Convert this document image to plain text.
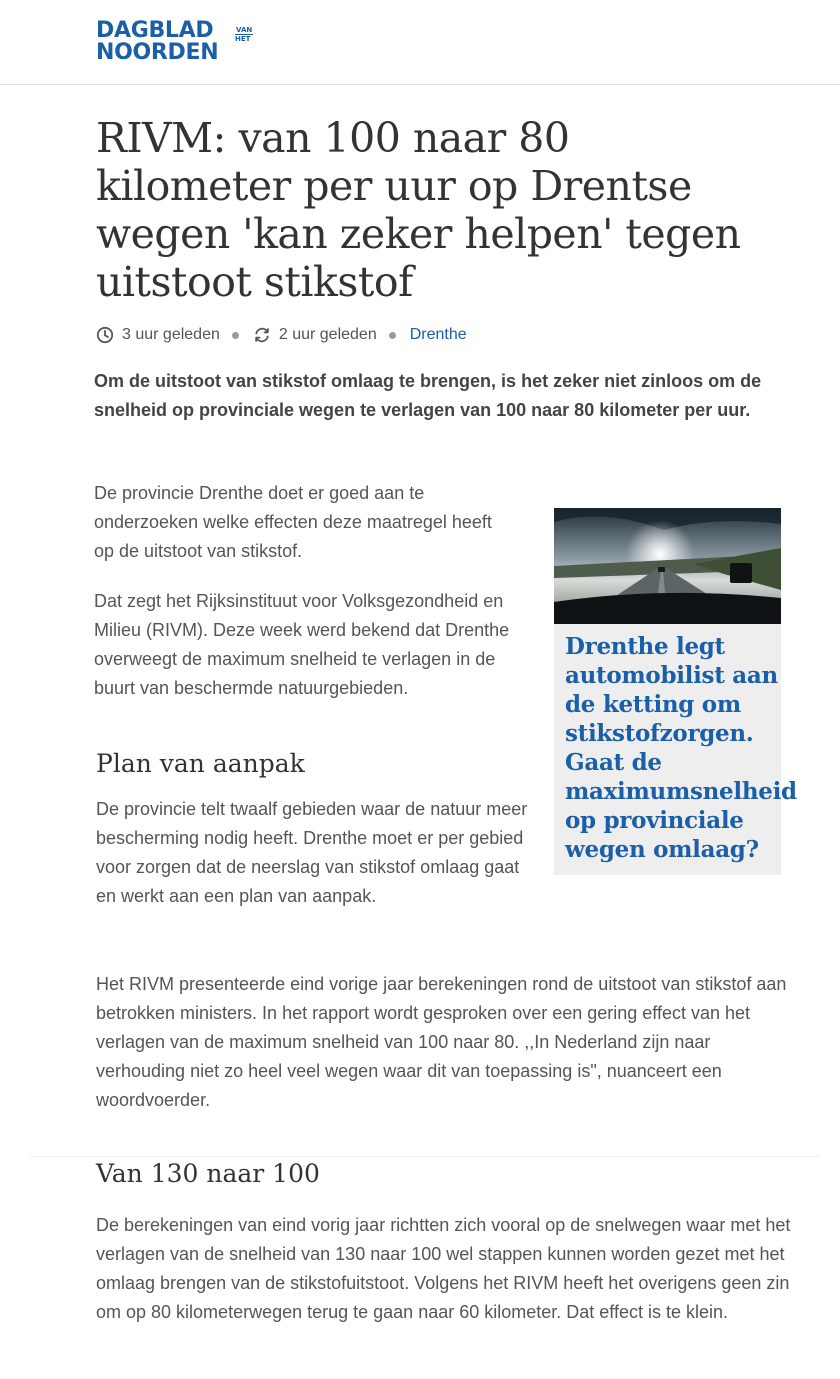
DAGBLAD
NOORDEN
VAN
HET
RIVM: van 100 naar 80 kilometer per uur op Drentse wegen 'kan zeker helpen' tegen uitstoot stikstof
3 uur geleden	2 uur geleden Drenthe

Om de uitstoot van stikstof omlaag te brengen, is het zeker niet zinloos om de snelheid op provinciale wegen te verlagen van 100 naar 80 kilometer per uur.

De provincie Drenthe doet er goed aan te onderzoeken welke effecten deze maatregel heeft op de uitstoot van stikstof.

Dat zegt het Rijksinstituut voor Volksgezondheid en Milieu (RIVM). Deze week werd bekend dat Drenthe overweegt de maximum snelheid te verlagen in de buurt van beschermde natuurgebieden.

Plan van aanpak

De provincie telt twaalf gebieden waar de natuur meer bescherming nodig heeft. Drenthe moet er per gebied voor zorgen dat de neerslag van stikstof omlaag gaat en werkt aan een plan van aanpak.

Het RIVM presenteerde eind vorige jaar berekeningen rond de uitstoot van stikstof aan betrokken ministers. In het rapport wordt gesproken over een gering effect van het verlagen van de maximum snelheid van 100 naar 80. ,,In Nederland zijn naar verhouding niet zo heel veel wegen waar dit van toepassing is", nuanceert een woordvoerder.

Van 130 naar 100

De berekeningen van eind vorig jaar richtten zich vooral op de snelwegen waar met het verlagen van de snelheid van 130 naar 100 wel stappen kunnen worden gezet met het omlaag brengen van de stikstofuitstoot. Volgens het RIVM heeft het overigens geen zin om op 80 kilometerwegen terug te gaan naar 60 kilometer. Dat effect is te klein.

Drenthe legt
automobilist aan
de ketting om
stikstofzorgen.
Gaat de
maximumsnelheid
op provinciale
wegen omlaag?
